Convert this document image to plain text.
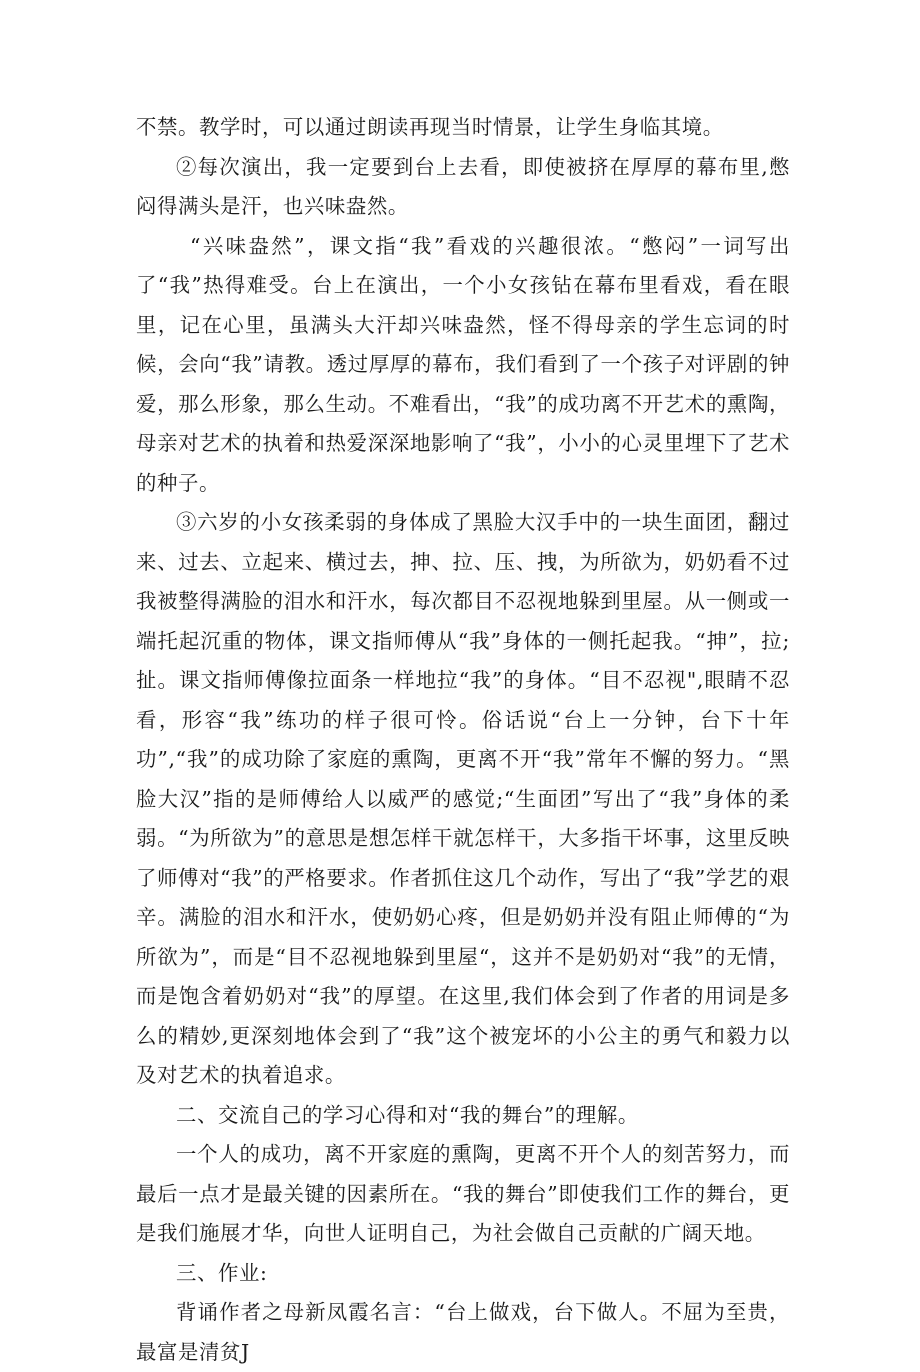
不禁。教学时，可以通过朗读再现当时情景，让学生身临其境。

②每次演出，我一定要到台上去看，即使被挤在厚厚的幕布里,憋闷得满头是汗，也兴味盎然。

“兴味盎然”，课文指“我”看戏的兴趣很浓。“憋闷”一词写出了“我”热得难受。台上在演出，一个小女孩钻在幕布里看戏，看在眼里，记在心里，虽满头大汗却兴味盎然，怪不得母亲的学生忘词的时候，会向“我”请教。透过厚厚的幕布，我们看到了一个孩子对评剧的钟爱，那么形象，那么生动。不难看出，“我”的成功离不开艺术的熏陶，母亲对艺术的执着和热爱深深地影响了“我”，小小的心灵里埋下了艺术的种子。

③六岁的小女孩柔弱的身体成了黑脸大汉手中的一块生面团，翻过来、过去、立起来、横过去，抻、拉、压、拽，为所欲为，奶奶看不过我被整得满脸的泪水和汗水，每次都目不忍视地躲到里屋。从一侧或一端托起沉重的物体，课文指师傅从“我”身体的一侧托起我。“抻”，拉;扯。课文指师傅像拉面条一样地拉“我”的身体。“目不忍视",眼睛不忍看，形容“我”练功的样子很可怜。俗话说“台上一分钟，台下十年功”,“我”的成功除了家庭的熏陶，更离不开“我”常年不懈的努力。“黑脸大汉”指的是师傅给人以威严的感觉;“生面团”写出了“我”身体的柔弱。“为所欲为”的意思是想怎样干就怎样干，大多指干坏事，这里反映了师傅对“我”的严格要求。作者抓住这几个动作，写出了“我”学艺的艰辛。满脸的泪水和汗水，使奶奶心疼，但是奶奶并没有阻止师傅的“为所欲为”，而是“目不忍视地躲到里屋“，这并不是奶奶对“我”的无情，而是饱含着奶奶对“我”的厚望。在这里,我们体会到了作者的用词是多么的精妙,更深刻地体会到了“我”这个被宠坏的小公主的勇气和毅力以及对艺术的执着追求。

二、交流自己的学习心得和对“我的舞台”的理解。

一个人的成功，离不开家庭的熏陶，更离不开个人的刻苦努力，而最后一点才是最关键的因素所在。“我的舞台”即使我们工作的舞台，更是我们施展才华，向世人证明自己，为社会做自己贡献的广阔天地。

三、作业:

背诵作者之母新凤霞名言：“台上做戏，台下做人。不屈为至贵，最富是清贫J
